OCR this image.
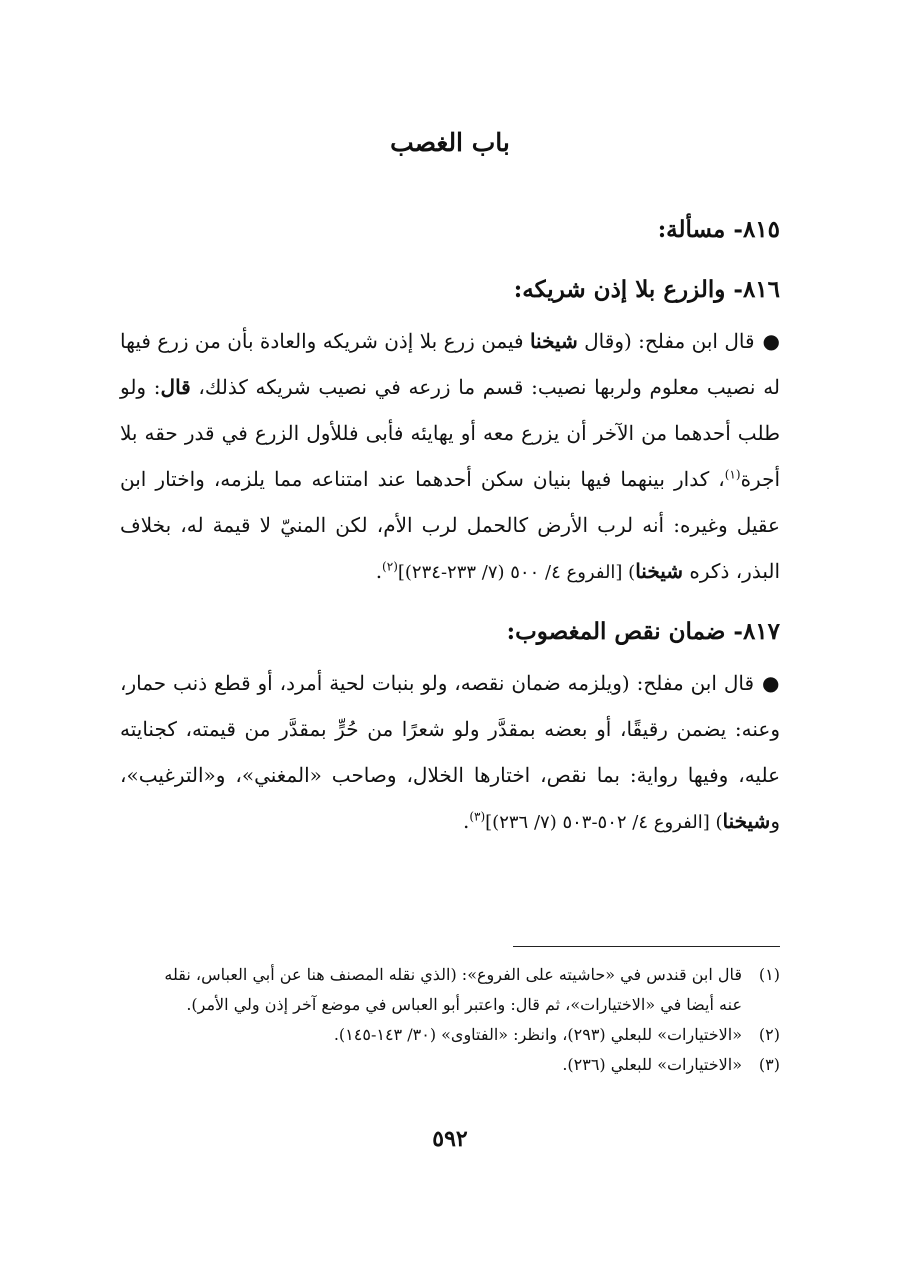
باب الغصب
٨١٥- مسألة:
٨١٦- والزرع بلا إذن شريكه:

●قال ابن مفلح: (وقال شيخنا فيمن زرع بلا إذن شريكه والعادة بأن من زرع فيها له نصيب معلوم ولربها نصيب: قسم ما زرعه في نصيب شريكه كذلك، قال: ولو طلب أحدهما من الآخر أن يزرع معه أو يهايئه فأبى فللأول الزرع في قدر حقه بلا أجرة$^{(١)}$، كدار بينهما فيها بنيان سكن أحدهما عند امتناعه مما يلزمه، واختار ابن عقيل وغيره: أنه لرب الأرض كالحمل لرب الأم، لكن المنيّ لا قيمة له، بخلاف البذر، ذكره شيخنا) [الفروع ٤/ ٥٠٠ (٧/ ٢٣٣-٢٣٤)]$^{(٢)}$.

٨١٧- ضمان نقص المغصوب:

●قال ابن مفلح: (ويلزمه ضمان نقصه، ولو بنبات لحية أمرد، أو قطع ذنب حمار، وعنه: يضمن رقيقًا، أو بعضه بمقدَّر ولو شعرًا من حُرٍّ بمقدَّر من قيمته، كجنايته عليه، وفيها رواية: بما نقص، اختارها الخلال، وصاحب «المغني»، و«الترغيب»، وشيخنا) [الفروع ٤/ ٥٠٢-٥٠٣ (٧/ ٢٣٦)]$^{(٣)}$.

(١)قال ابن قندس في «حاشيته على الفروع»: (الذي نقله المصنف هنا عن أبي العباس، نقله
عنه أيضا في «الاختيارات»، ثم قال: واعتبر أبو العباس في موضع آخر إذن ولي الأمر).
(٢)«الاختيارات» للبعلي (٢٩٣)، وانظر: «الفتاوى» (٣٠/ ١٤٣-١٤٥).
(٣)«الاختيارات» للبعلي (٢٣٦).
٥٩٢
